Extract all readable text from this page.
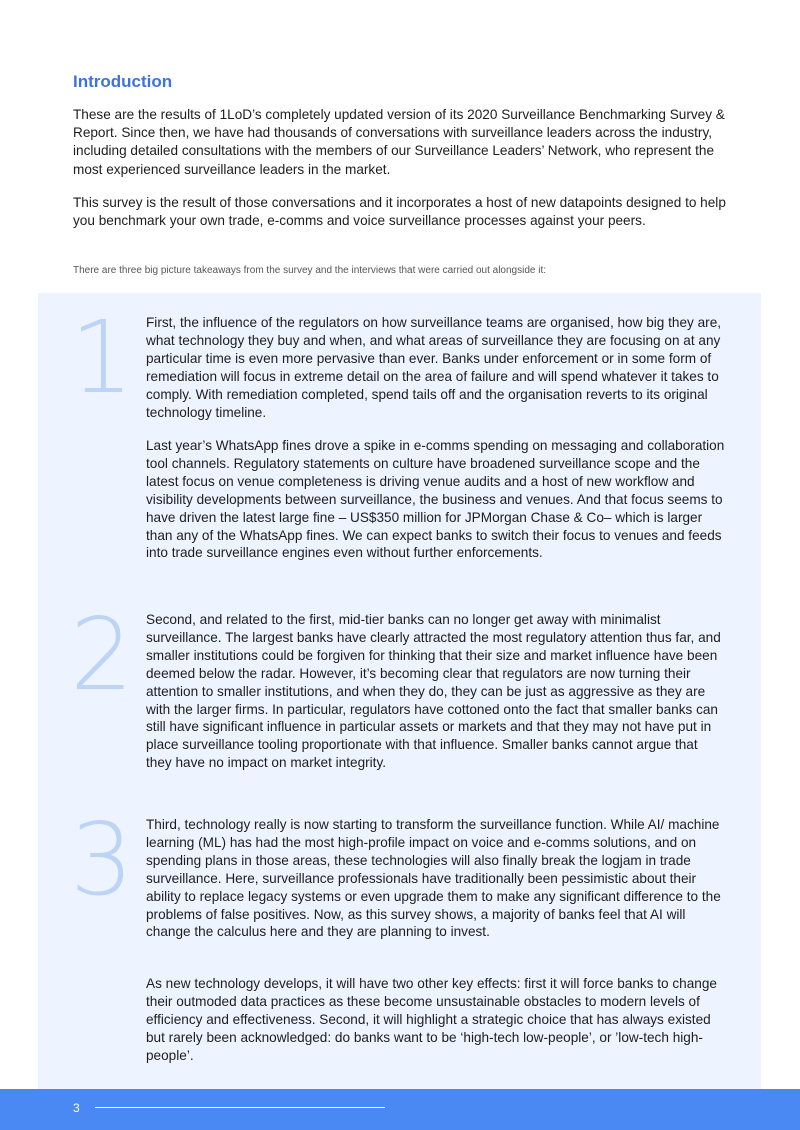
Introduction

These are the results of 1LoD’s completely updated version of its 2020 Surveillance Benchmarking Survey & Report. Since then, we have had thousands of conversations with surveillance leaders across the industry, including detailed consultations with the members of our Surveillance Leaders’ Network, who represent the most experienced surveillance leaders in the market.

This survey is the result of those conversations and it incorporates a host of new datapoints designed to help you benchmark your own trade, e-comms and voice surveillance processes against your peers.

There are three big picture takeaways from the survey and the interviews that were carried out alongside it:

1 First, the influence of the regulators on how surveillance teams are organised, how big they are, what technology they buy and when, and what areas of surveillance they are focusing on at any particular time is even more pervasive than ever. Banks under enforcement or in some form of remediation will focus in extreme detail on the area of failure and will spend whatever it takes to comply. With remediation completed, spend tails off and the organisation reverts to its original technology timeline.

Last year’s WhatsApp fines drove a spike in e-comms spending on messaging and collaboration tool channels. Regulatory statements on culture have broadened surveillance scope and the latest focus on venue completeness is driving venue audits and a host of new workflow and visibility developments between surveillance, the business and venues. And that focus seems to have driven the latest large fine – US$350 million for JPMorgan Chase & Co– which is larger than any of the WhatsApp fines. We can expect banks to switch their focus to venues and feeds into trade surveillance engines even without further enforcements.

2 Second, and related to the first, mid-tier banks can no longer get away with minimalist surveillance. The largest banks have clearly attracted the most regulatory attention thus far, and smaller institutions could be forgiven for thinking that their size and market influence have been deemed below the radar. However, it’s becoming clear that regulators are now turning their attention to smaller institutions, and when they do, they can be just as aggressive as they are with the larger firms. In particular, regulators have cottoned onto the fact that smaller banks can still have significant influence in particular assets or markets and that they may not have put in place surveillance tooling proportionate with that influence. Smaller banks cannot argue that they have no impact on market integrity.

3 Third, technology really is now starting to transform the surveillance function. While AI/ machine learning (ML) has had the most high-profile impact on voice and e-comms solutions, and on spending plans in those areas, these technologies will also finally break the logjam in trade surveillance. Here, surveillance professionals have traditionally been pessimistic about their ability to replace legacy systems or even upgrade them to make any significant difference to the problems of false positives. Now, as this survey shows, a majority of banks feel that AI will change the calculus here and they are planning to invest.

As new technology develops, it will have two other key effects: first it will force banks to change their outmoded data practices as these become unsustainable obstacles to modern levels of efficiency and effectiveness. Second, it will highlight a strategic choice that has always existed but rarely been acknowledged: do banks want to be ‘high-tech low-people’, or ’low-tech high-people’.

3
